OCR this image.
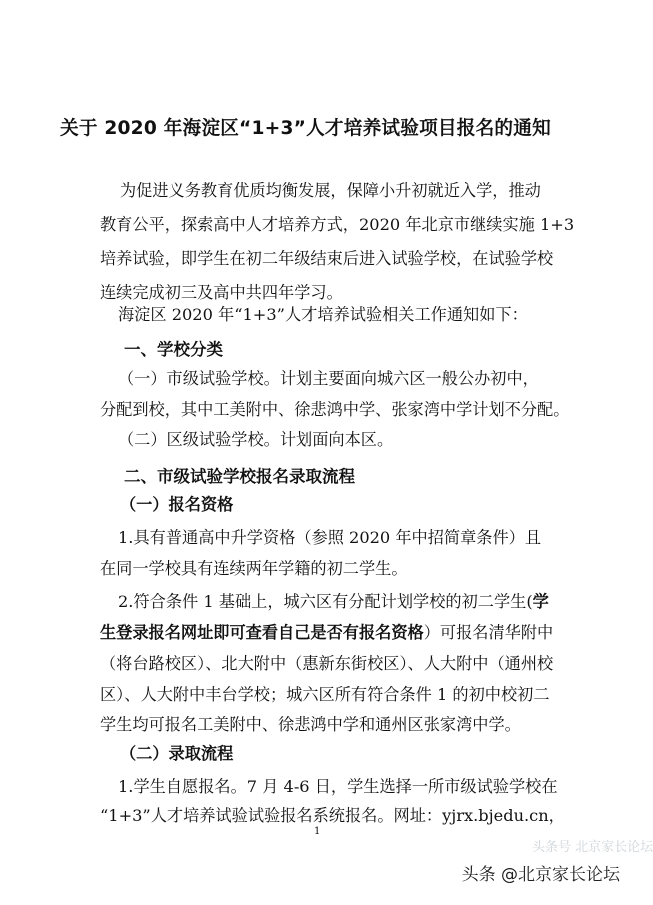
关于 2020 年海淀区“1+3”人才培养试验项目报名的通知
为促进义务教育优质均衡发展，保障小升初就近入学，推动
教育公平，探索高中人才培养方式，2020 年北京市继续实施 1+3
培养试验，即学生在初二年级结束后进入试验学校，在试验学校
连续完成初三及高中共四年学习。
海淀区 2020 年“1+3”人才培养试验相关工作通知如下：
一、学校分类
（一）市级试验学校。计划主要面向城六区一般公办初中，
分配到校，其中工美附中、徐悲鸿中学、张家湾中学计划不分配。
（二）区级试验学校。计划面向本区。
二、市级试验学校报名录取流程
（一）报名资格
1.具有普通高中升学资格（参照 2020 年中招简章条件）且
在同一学校具有连续两年学籍的初二学生。
2.符合条件 1 基础上，城六区有分配计划学校的初二学生(学
生登录报名网址即可查看自己是否有报名资格）可报名清华附中
（将台路校区）、北大附中（惠新东街校区）、人大附中（通州校
区）、人大附中丰台学校；城六区所有符合条件 1 的初中校初二
学生均可报名工美附中、徐悲鸿中学和通州区张家湾中学。
（二）录取流程
1.学生自愿报名。7 月 4-6 日，学生选择一所市级试验学校在
“1+3”人才培养试验试验报名系统报名。网址：yjrx.bjedu.cn，
1
头条号 北京家长论坛
头条 @北京家长论坛
